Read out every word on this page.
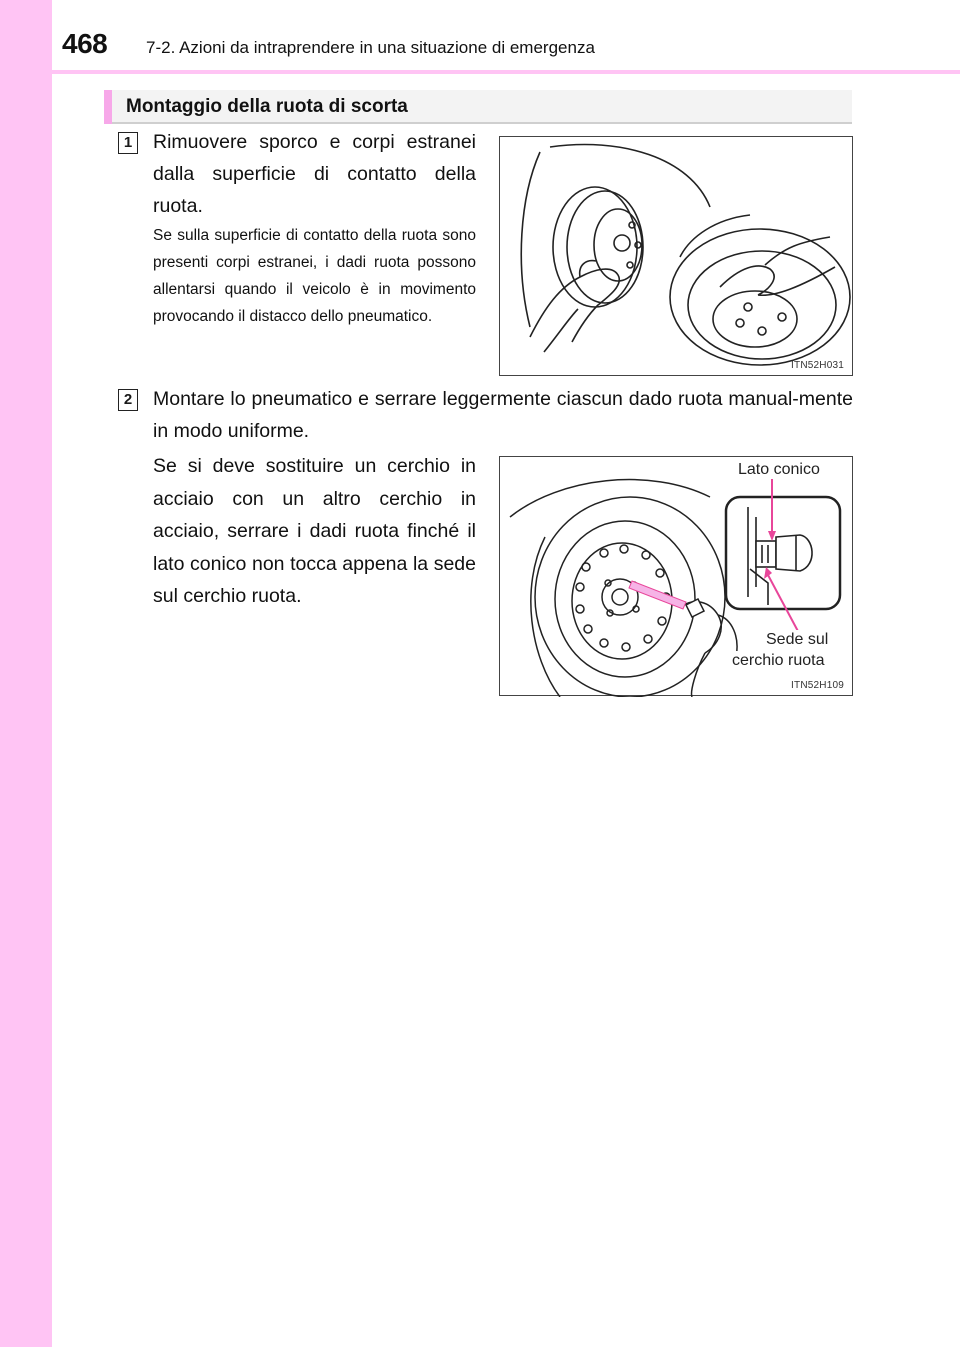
468 7-2. Azioni da intraprendere in una situazione di emergenza
Montaggio della ruota di scorta
1 Rimuovere sporco e corpi estranei dalla superficie di contatto della ruota.

Se sulla superficie di contatto della ruota sono presenti corpi estranei, i dadi ruota possono allentarsi quando il veicolo è in movimento provocando il distacco dello pneumatico.

ITN52H031
2 Montare lo pneumatico e serrare leggermente ciascun dado ruota manual-mente in modo uniforme.

Se si deve sostituire un cerchio in acciaio con un altro cerchio in acciaio, serrare i dadi ruota finché il lato conico non tocca appena la sede sul cerchio ruota.

Lato conico
Sede sul
cerchio ruota
ITN52H109
